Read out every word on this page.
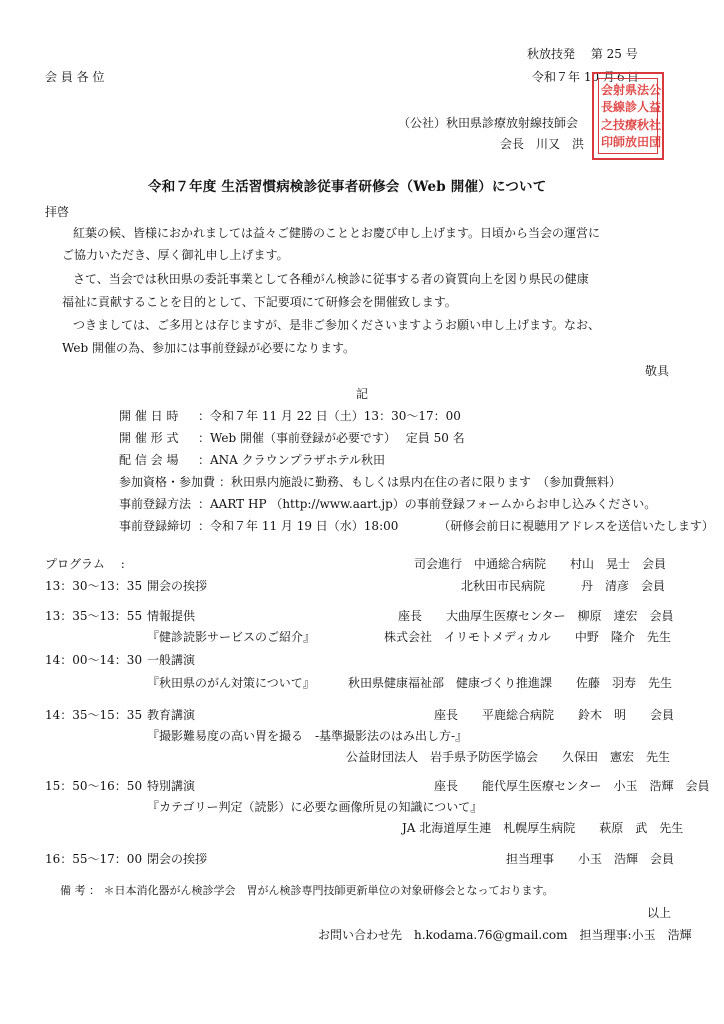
秋放技発　 第 25 号
会 員 各 位	令和７年 10 月６日
（公社）秋田県診療放射線技師会
会長　川又　洪
公
益
社
団
法
人
秋
田
県
診
療
放
射
線
技
師
会
長
之
印
令和７年度 生活習慣病検診従事者研修会（Web 開催）について
拝啓
紅葉の候、皆様におかれましては益々ご健勝のこととお慶び申し上げます。日頃から当会の運営に
ご協力いただき、厚く御礼申し上げます。
さて、当会では秋田県の委託事業として各種がん検診に従事する者の資質向上を図り県民の健康
福祉に貢献することを目的として、下記要項にて研修会を開催致します。
つきましては、ご多用とは存じますが、是非ご参加くださいますようお願い申し上げます。なお、
Web 開催の為、参加には事前登録が必要になります。
敬具
記
開 催 日 時 ：令和７年 11 月 22 日（土）13：30〜17：00
開 催 形 式 ：Web 開催（事前登録が必要です）　 定員 50 名
配 信 会 場 ：ANA クラウンプラザホテル秋田
参加資格・参加費 ：秋田県内施設に勤務、もしくは県内在住の者に限ります　（参加費無料）
事前登録方法 ：AART HP （http://www.aart.jp）の事前登録フォームからお申し込みください。
事前登録締切 ：令和７年 11 月 19 日（水）18:00　　　 （研修会前日に視聴用アドレスを送信いたします）
プログラム　 :	司会進行　中通総合病院　　村山　晃士　会員
13：30〜13：35 開会の挨拶	北秋田市民病院　　　丹　清彦　会員
13：35〜13：55 情報提供	座長　　大曲厚生医療センター　柳原　達宏　会員
『健診読影サービスのご紹介』	株式会社　イリモトメディカル　　中野　隆介　先生
14：00〜14：30 一般講演
『秋田県のがん対策について』	秋田県健康福祉部　健康づくり推進課　　佐藤　羽寿　先生
14：35〜15：35 教育講演	座長　　平鹿総合病院　　鈴木　明　　会員
『撮影難易度の高い胃を撮る　-基準撮影法のはみ出し方-』
公益財団法人　岩手県予防医学協会　　久保田　憲宏　先生
15：50〜16：50 特別講演	座長　　能代厚生医療センター　小玉　浩輝　会員
『カテゴリー判定（読影）に必要な画像所見の知識について』
JA 北海道厚生連　札幌厚生病院　　萩原　武　先生
16：55〜17：00 閉会の挨拶	担当理事　　小玉　浩輝　会員
備 考 ： ＊日本消化器がん検診学会　胃がん検診専門技師更新単位の対象研修会となっております。
以上
お問い合わせ先　h.kodama.76@gmail.com　担当理事:小玉　浩輝
